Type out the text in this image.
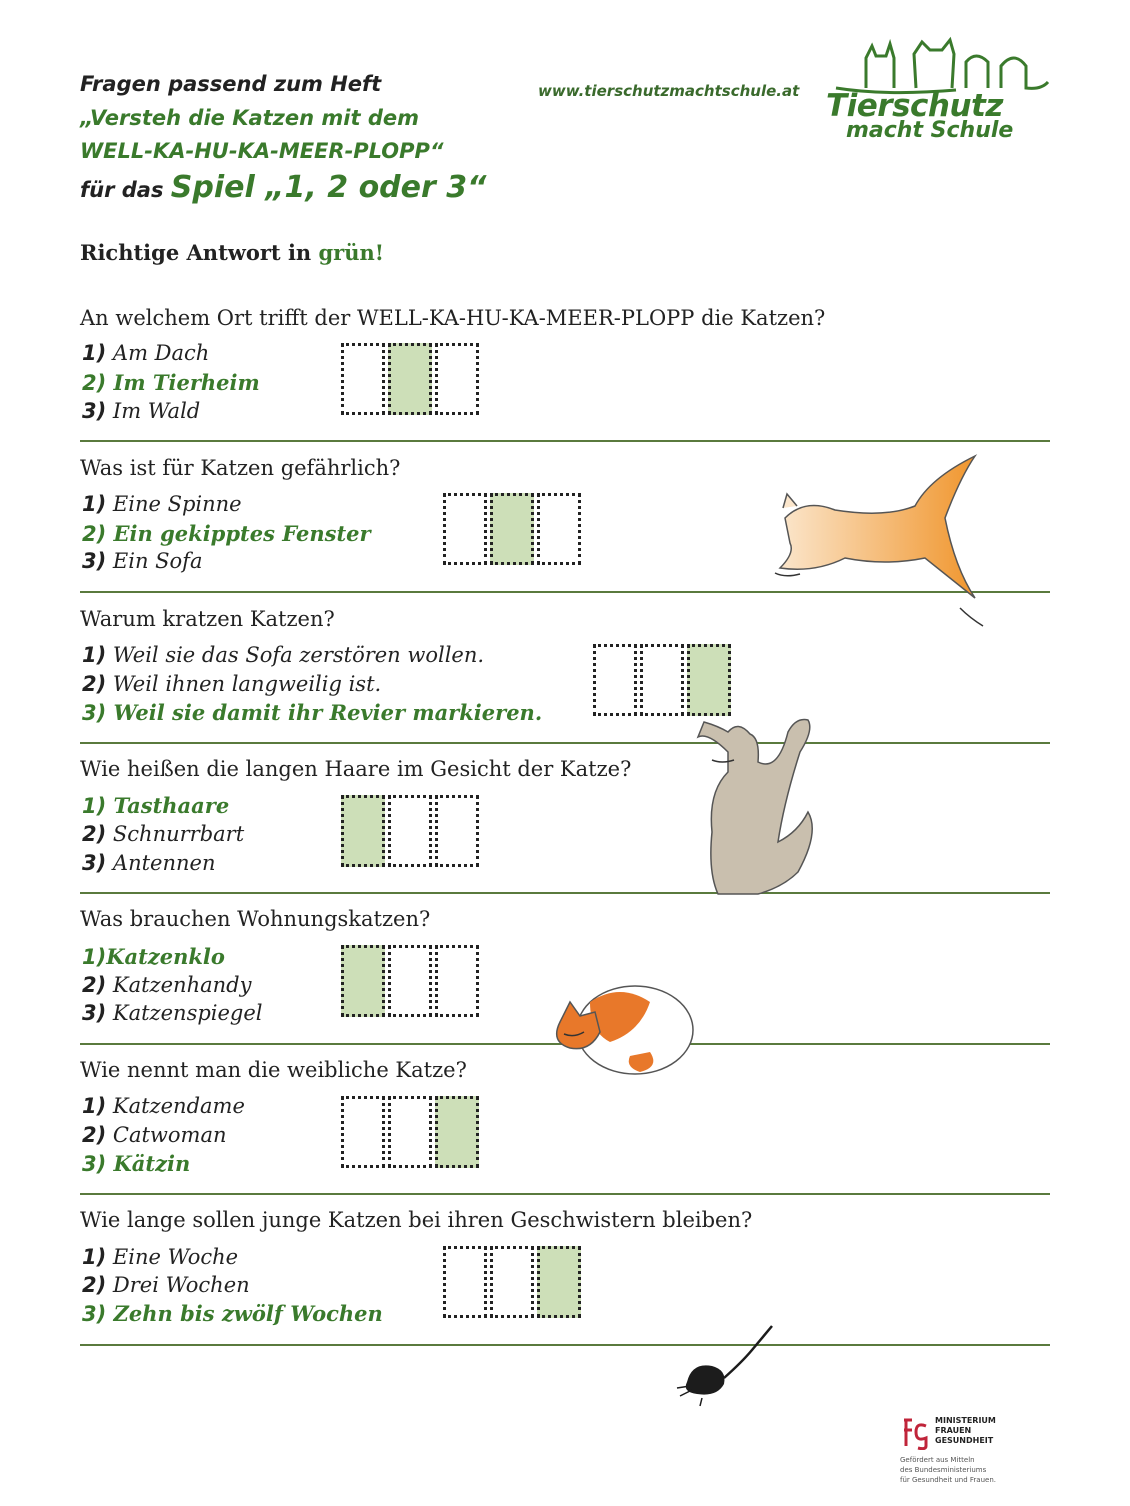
Fragen passend zum Heft
„Versteh die Katzen mit dem
WELL-KA-HU-KA-MEER-PLOPP“
für das Spiel „1, 2 oder 3“
www.tierschutzmachtschule.at Tierschutz
macht Schule
Richtige Antwort in grün!
An welchem Ort trifft der WELL-KA-HU-KA-MEER-PLOPP die Katzen?
1) Am Dach
2) Im Tierheim
3) Im Wald
Was ist für Katzen gefährlich?
1) Eine Spinne
2) Ein gekipptes Fenster
3) Ein Sofa
Warum kratzen Katzen?
1) Weil sie das Sofa zerstören wollen.
2) Weil ihnen langweilig ist.
3) Weil sie damit ihr Revier markieren.
Wie heißen die langen Haare im Gesicht der Katze?
1) Tasthaare
2) Schnurrbart
3) Antennen
Was brauchen Wohnungskatzen?
1)Katzenklo
2) Katzenhandy
3) Katzenspiegel
Wie nennt man die weibliche Katze?
1) Katzendame
2) Catwoman
3) Kätzin
Wie lange sollen junge Katzen bei ihren Geschwistern bleiben?
1) Eine Woche
2) Drei Wochen
3) Zehn bis zwölf Wochen
MINISTERIUM
FRAUEN
GESUNDHEIT
Gefördert aus Mitteln
des Bundesministeriums
für Gesundheit und Frauen.
